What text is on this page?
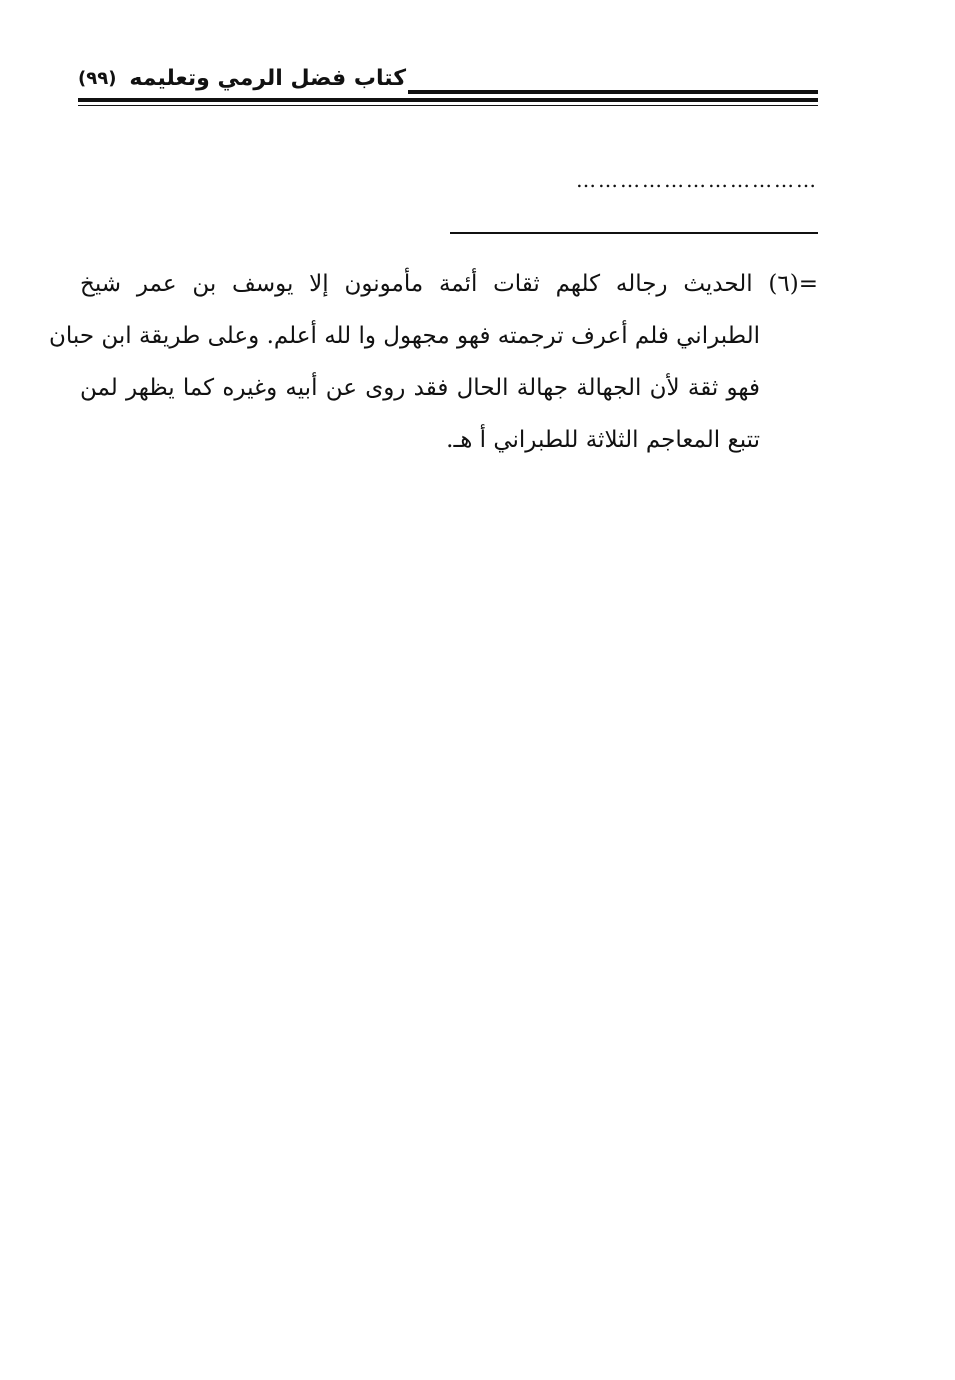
كتاب فضل الرمي وتعليمه
(٩٩)
……………………………
=(٦) الحديث رجاله كلهم ثقات أئمة مأمونون إلا يوسف بن عمر شيخ
الطبراني فلم أعرف ترجمته فهو مجهول وا لله أعلم. وعلى طريقة ابن حبان
فهو ثقة لأن الجهالة جهالة الحال فقد روى عن أبيه وغيره كما يظهر لمن
تتبع المعاجم الثلاثة للطبراني أ هـ.
